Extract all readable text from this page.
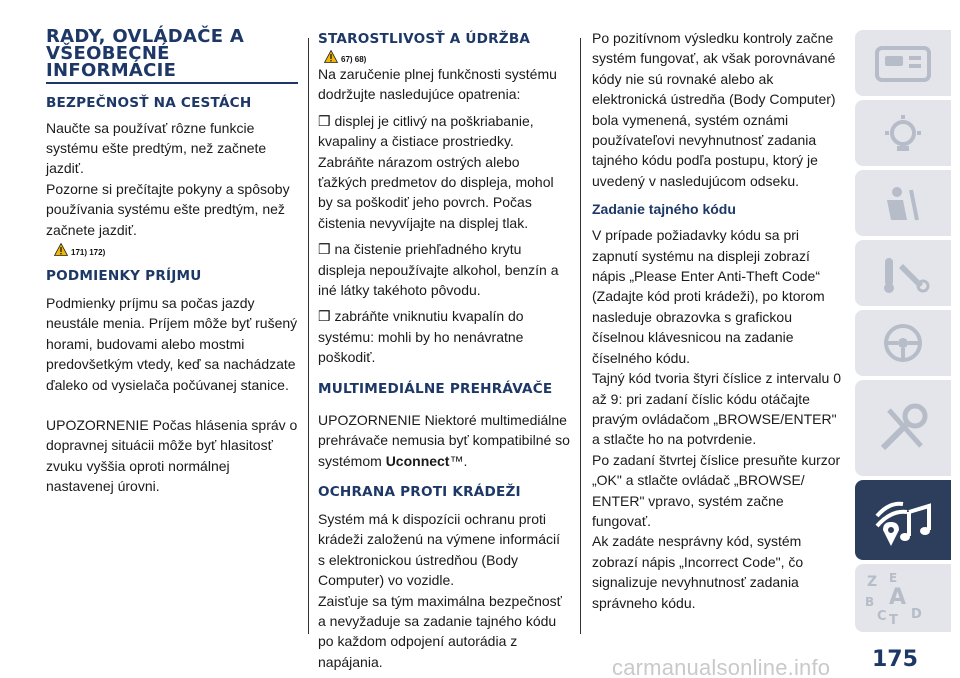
RADY, OVLÁDAČE A VŠEOBECNÉ INFORMÁCIE
BEZPEČNOSŤ NA CESTÁCH

Naučte sa používať rôzne funkcie systému ešte predtým, než začnete jazdiť.

Pozorne si prečítajte pokyny a spôsoby používania systému ešte predtým, než začnete jazdiť.

171) 172)
PODMIENKY PRÍJMU

Podmienky príjmu sa počas jazdy neustále menia. Príjem môže byť rušený horami, budovami alebo mostmi predovšetkým vtedy, keď sa nachádzate ďaleko od vysielača počúvanej stanice.

UPOZORNENIE Počas hlásenia správ o dopravnej situácii môže byť hlasitosť zvuku vyššia oproti normálnej nastavenej úrovni.

STAROSTLIVOSŤ A ÚDRŽBA
67) 68)

Na zaručenie plnej funkčnosti systému dodržujte nasledujúce opatrenia:

❒ displej je citlivý na poškriabanie, kvapaliny a čistiace prostriedky. Zabráňte nárazom ostrých alebo ťažkých predmetov do displeja, mohol by sa poškodiť jeho povrch. Počas čistenia nevyvíjajte na displej tlak.

❒ na čistenie priehľadného krytu displeja nepoužívajte alkohol, benzín a iné látky takéhoto pôvodu.

❒ zabráňte vniknutiu kvapalín do systému: mohli by ho nenávratne poškodiť.

MULTIMEDIÁLNE PREHRÁVAČE

UPOZORNENIE Niektoré multimediálne prehrávače nemusia byť kompatibilné so systémom Uconnect™.

OCHRANA PROTI KRÁDEŽI

Systém má k dispozícii ochranu proti krádeži založenú na výmene informácií s elektronickou ústredňou (Body Computer) vo vozidle.

Zaisťuje sa tým maximálna bezpečnosť a nevyžaduje sa zadanie tajného kódu po každom odpojení autorádia z napájania.

Po pozitívnom výsledku kontroly začne systém fungovať, ak však porovnávané kódy nie sú rovnaké alebo ak elektronická ústredňa (Body Computer) bola vymenená, systém oznámi používateľovi nevyhnutnosť zadania tajného kódu podľa postupu, ktorý je uvedený v nasledujúcom odseku.

Zadanie tajného kódu

V prípade požiadavky kódu sa pri zapnutí systému na displeji zobrazí nápis „Please Enter Anti-Theft Code“ (Zadajte kód proti krádeži), po ktorom nasleduje obrazovka s grafickou číselnou klávesnicou na zadanie číselného kódu.

Tajný kód tvoria štyri číslice z intervalu 0 až 9: pri zadaní číslic kódu otáčajte pravým ovládačom „BROWSE/ENTER" a stlačte ho na potvrdenie.

Po zadaní štvrtej číslice presuňte kurzor „OK" a stlačte ovládač „BROWSE/ ENTER" vpravo, systém začne fungovať.

Ak zadáte nesprávny kód, systém zobrazí nápis „Incorrect Code", čo signalizuje nevyhnutnosť zadania správneho kódu.

Z E
B A
C T D
175
carmanualsonline.info
